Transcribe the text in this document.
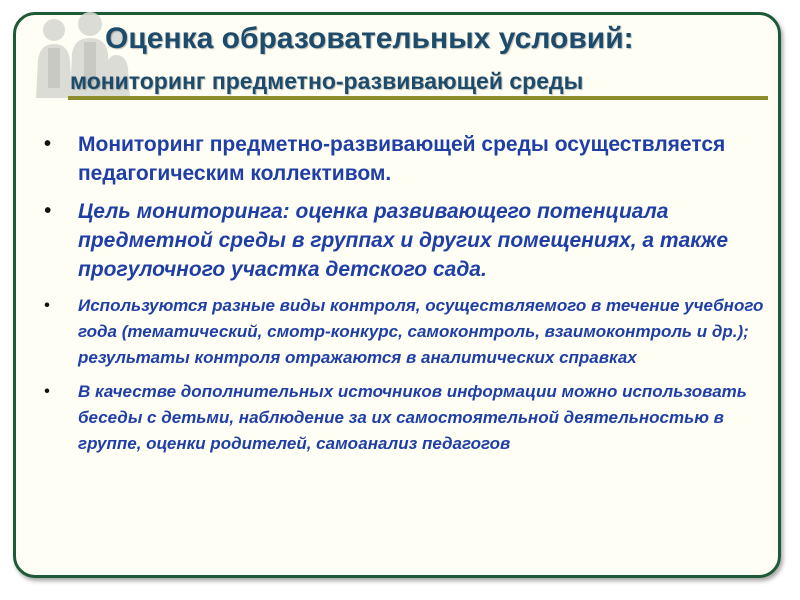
Оценка образовательных условий:
мониторинг предметно-развивающей среды
• Мониторинг предметно-развивающей среды осуществляется педагогическим коллективом.
• Цель мониторинга: оценка развивающего потенциала предметной среды в группах и других помещениях, а также прогулочного участка детского сада.
• Используются разные виды контроля, осуществляемого в течение учебного года (тематический, смотр-конкурс, самоконтроль, взаимоконтроль и др.); результаты контроля отражаются в аналитических справках
• В качестве дополнительных источников информации можно использовать беседы с детьми, наблюдение за их самостоятельной деятельностью в группе, оценки родителей, самоанализ педагогов
